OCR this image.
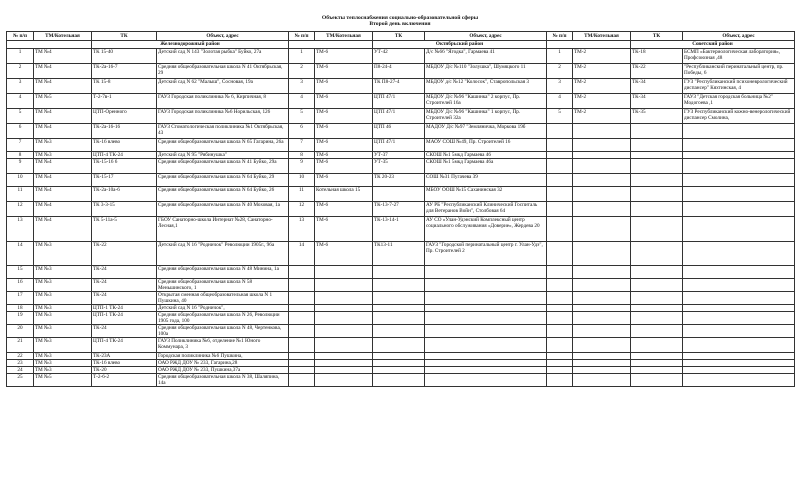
Объекты теплоснабжения социально-образовательной сферы
Второй день включения
№ п/п	ТМ/Котельная	ТК	Объект, адрес	№ п/п	ТМ/Котельная	ТК	Объект, адрес	№ п/п	ТМ/Котельная	ТК	Объект, адрес
		Железнодорожный район				Октябрьский район				Советский район	
1	ТМ №4	ТК 15-40	Детский сад N 143 "Золотая рыбка" Буйко, 27а	1	ТМ-6	УТ-42	Д/с №66 "Ягодка", Гармаева 41	1	ТМ-2	ТК-18	БСМП «Бактериологическая лаборатория», Профсоюзная ,48
2	ТМ №4	ТК-2а-16-7	Средняя общеобразовательная школа N 41 Октябрьская, 29	2	ТМ-6	П8-24-4	МБДОУ Д/с №110 "Золушка", Шумяцкого 11	2	ТМ-2	ТК-22	"Республиканский перинатальный центр, пр. Победы, 6
3	ТМ №4	ТК 15-8	Детский сад N 62 "Малыш", Сосновая, 19а	3	ТМ-6	ТК П8-27-4	МБДОУ д/с №12 "Колосок", Ставропольская 3	3	ТМ-2	ТК-34	ГУЗ "Республиканский психоневрологический диспансер" Кяхтинская, 4
4	ТМ №5	Т-2-7в-1	ГАУЗ Городская поликлиника № 6, Кирпичная, 8	4	ТМ-6	ЦТП 47/1	МБДОУ Д/с №96 "Кашинка" 2 корпус, Пр. Строителей 16а	4	ТМ-2	ТК-34	ГАУЗ "Детская городская больница №2" Модогоева ,1
5	ТМ №4	ЦТП-Оренного	ГАУЗ Городская поликлиника №6 Норильская, 126	5	ТМ-6	ЦТП 47/1	МБДОУ Д/с №96 "Кашинка" 1 корпус, Пр. Строителей 32а	5	ТМ-2	ТК-35	ГУЗ Республиканский кожно-венерологический диспансер Смолина,
6	ТМ №4	ТК-2а-16-16	ГАУЗ Стоматологическая поликлиника №1 Октябрьская, 43	6	ТМ-6	ЦТП 46	МАДОУ Д/с №97 "Земляничка, Моркова 19б				
7	ТМ №3	ТК-16 влево	Средняя общеобразовательная школа N 65 Гагарина, 26а	7	ТМ-6	ЦТП 47/1	МАОУ СОШ №49, Пр. Строителей 16				
8	ТМ №3	ЦТП-4 ТК-24	Детский сад N 95 "Рябинушка"	8	ТМ-6	УТ-37	СКОШ №1 5мкд Гармаева 46				
9	ТМ №4	ТК-15-16 6	Средняя общеобразовательная школа N 41 Буйко, 29а	9	ТМ-6	УТ-35	СКОШ №1 5мкд Гармаева 46а				
10	ТМ №4	ТК-15-17	Средняя общеобразовательная школа N 64 Буйко, 29	10	ТМ-6	ТК 20-23	СОШ №31 Пугачева 39				
11	ТМ №4	ТК-2а-10а-6	Средняя общеобразовательная школа N 64 Буйко, 26	11	Котельная школа 15		МБОУ ООШ №15 Саханинская 32				
12	ТМ №4	ТК 3-3-15	Средняя общеобразовательная школа N 40 Моховая, 1а	12	ТМ-6	ТК-13-7-27	АУ РБ "Республиканский Клинический Госпиталь для Ветеранов Войн", Столбовая 64				
13	ТМ №4	ТК 5-11а-5	ГБОУ Санаторно-школа Интернат №28, Санаторно-Лесная,1	13	ТМ-6	ТК-13-14-1	АУ СО «Улан-Удэнский Комплексный центр социального обслуживания «Доверие», Жердева 20				
14	ТМ №3	ТК-22	Детский сад N 16 "Родничок" Революции 1905г., 96а	14	ТМ-6	ТК13-11	ГАУЗ "Городской перинатальный центр г. Улан-Удэ", Пр. Строителей 2				
15	ТМ №3	ТК-24	Средняя общеобразовательная школа N 48 Минина, 1а								
16	ТМ №3	ТК-24	Средняя общеобразовательная школа N 58 Меньшинского, 1								
17	ТМ №3	ТК-24	Открытая сменная общеобразовательная школа N 1 Пушкина, 40								
18	ТМ №3	ЦТП-1 ТК-24	Детский сад N 16 "Родничок",								
19	ТМ №3	ЦТП-1 ТК-24	Средняя общеобразовательная школа N 26, Революции 1905 года, 100								
20	ТМ №3	ТК-24	Средняя общеобразовательная школа N 48, Чертенкова, 100а								
21	ТМ №3	ЦТП-4 ТК-24	ГАУЗ Поликлиника №6, отделение №1 Юного Коммунара, 3								
22	ТМ №3	ТК-23А	Городская поликлиника №6 Пушкина,								
23	ТМ №3	ТК-16 влево	ОАО РЖД ДОУ № 233, Гагарина,28								
24	ТМ №3	ТК-20	ОАО РЖД ДОУ № 233, Пушкина,37а								
25	ТМ №5	Т-2-6-2	Средняя общеобразовательная школа N 38, Шаляпина, 14а								
